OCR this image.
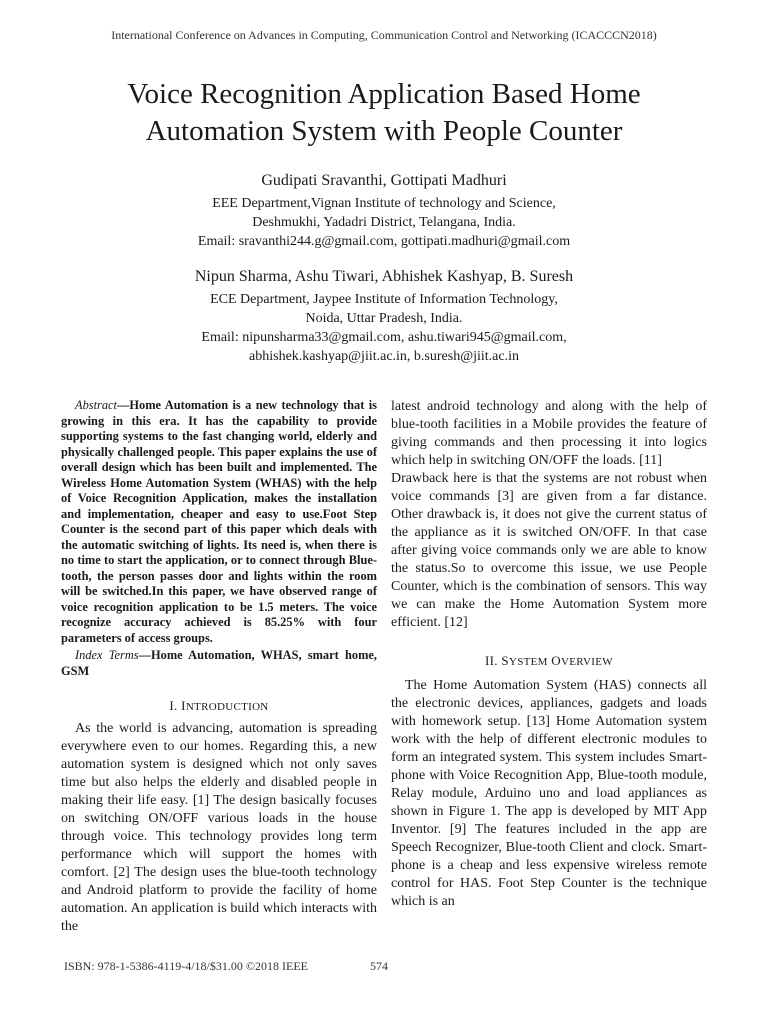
International Conference on Advances in Computing, Communication Control and Networking (ICACCCN2018)
Voice Recognition Application Based Home
Automation System with People Counter
Gudipati Sravanthi, Gottipati Madhuri
EEE Department,Vignan Institute of technology and Science,
Deshmukhi, Yadadri District, Telangana, India.
Email: sravanthi244.g@gmail.com, gottipati.madhuri@gmail.com
Nipun Sharma, Ashu Tiwari, Abhishek Kashyap, B. Suresh
ECE Department, Jaypee Institute of Information Technology,
Noida, Uttar Pradesh, India.
Email: nipunsharma33@gmail.com, ashu.tiwari945@gmail.com,
abhishek.kashyap@jiit.ac.in, b.suresh@jiit.ac.in

Abstract—Home Automation is a new technology that is growing in this era. It has the capability to provide supporting systems to the fast changing world, elderly and physically challenged people. This paper explains the use of overall design which has been built and implemented. The Wireless Home Automation System (WHAS) with the help of Voice Recognition Application, makes the installation and implementation, cheaper and easy to use.Foot Step Counter is the second part of this paper which deals with the automatic switching of lights. Its need is, when there is no time to start the application, or to connect through Blue-tooth, the person passes door and lights within the room will be switched.In this paper, we have observed range of voice recognition application to be 1.5 meters. The voice recognize accuracy achieved is 85.25% with four parameters of access groups.

Index Terms—Home Automation, WHAS, smart home, GSM

I. INTRODUCTION

As the world is advancing, automation is spreading everywhere even to our homes. Regarding this, a new automation system is designed which not only saves time but also helps the elderly and disabled people in making their life easy. [1] The design basically focuses on switching ON/OFF various loads in the house through voice. This technology provides long term performance which will support the homes with comfort. [2] The design uses the blue-tooth technology and Android platform to provide the facility of home automation. An application is build which interacts with the

latest android technology and along with the help of blue-tooth facilities in a Mobile provides the feature of giving commands and then processing it into logics which help in switching ON/OFF the loads. [11]

Drawback here is that the systems are not robust when voice commands [3] are given from a far distance. Other drawback is, it does not give the current status of the appliance as it is switched ON/OFF. In that case after giving voice commands only we are able to know the status.So to overcome this issue, we use People Counter, which is the combination of sensors. This way we can make the Home Automation System more efficient. [12]

II. SYSTEM OVERVIEW

The Home Automation System (HAS) connects all the electronic devices, appliances, gadgets and loads with homework setup. [13] Home Automation system work with the help of different electronic modules to form an integrated system. This system includes Smart-phone with Voice Recognition App, Blue-tooth module, Relay module, Arduino uno and load appliances as shown in Figure 1. The app is developed by MIT App Inventor. [9] The features included in the app are Speech Recognizer, Blue-tooth Client and clock. Smart-phone is a cheap and less expensive wireless remote control for HAS. Foot Step Counter is the technique which is an

ISBN: 978-1-5386-4119-4/18/$31.00 ©2018 IEEE	574
